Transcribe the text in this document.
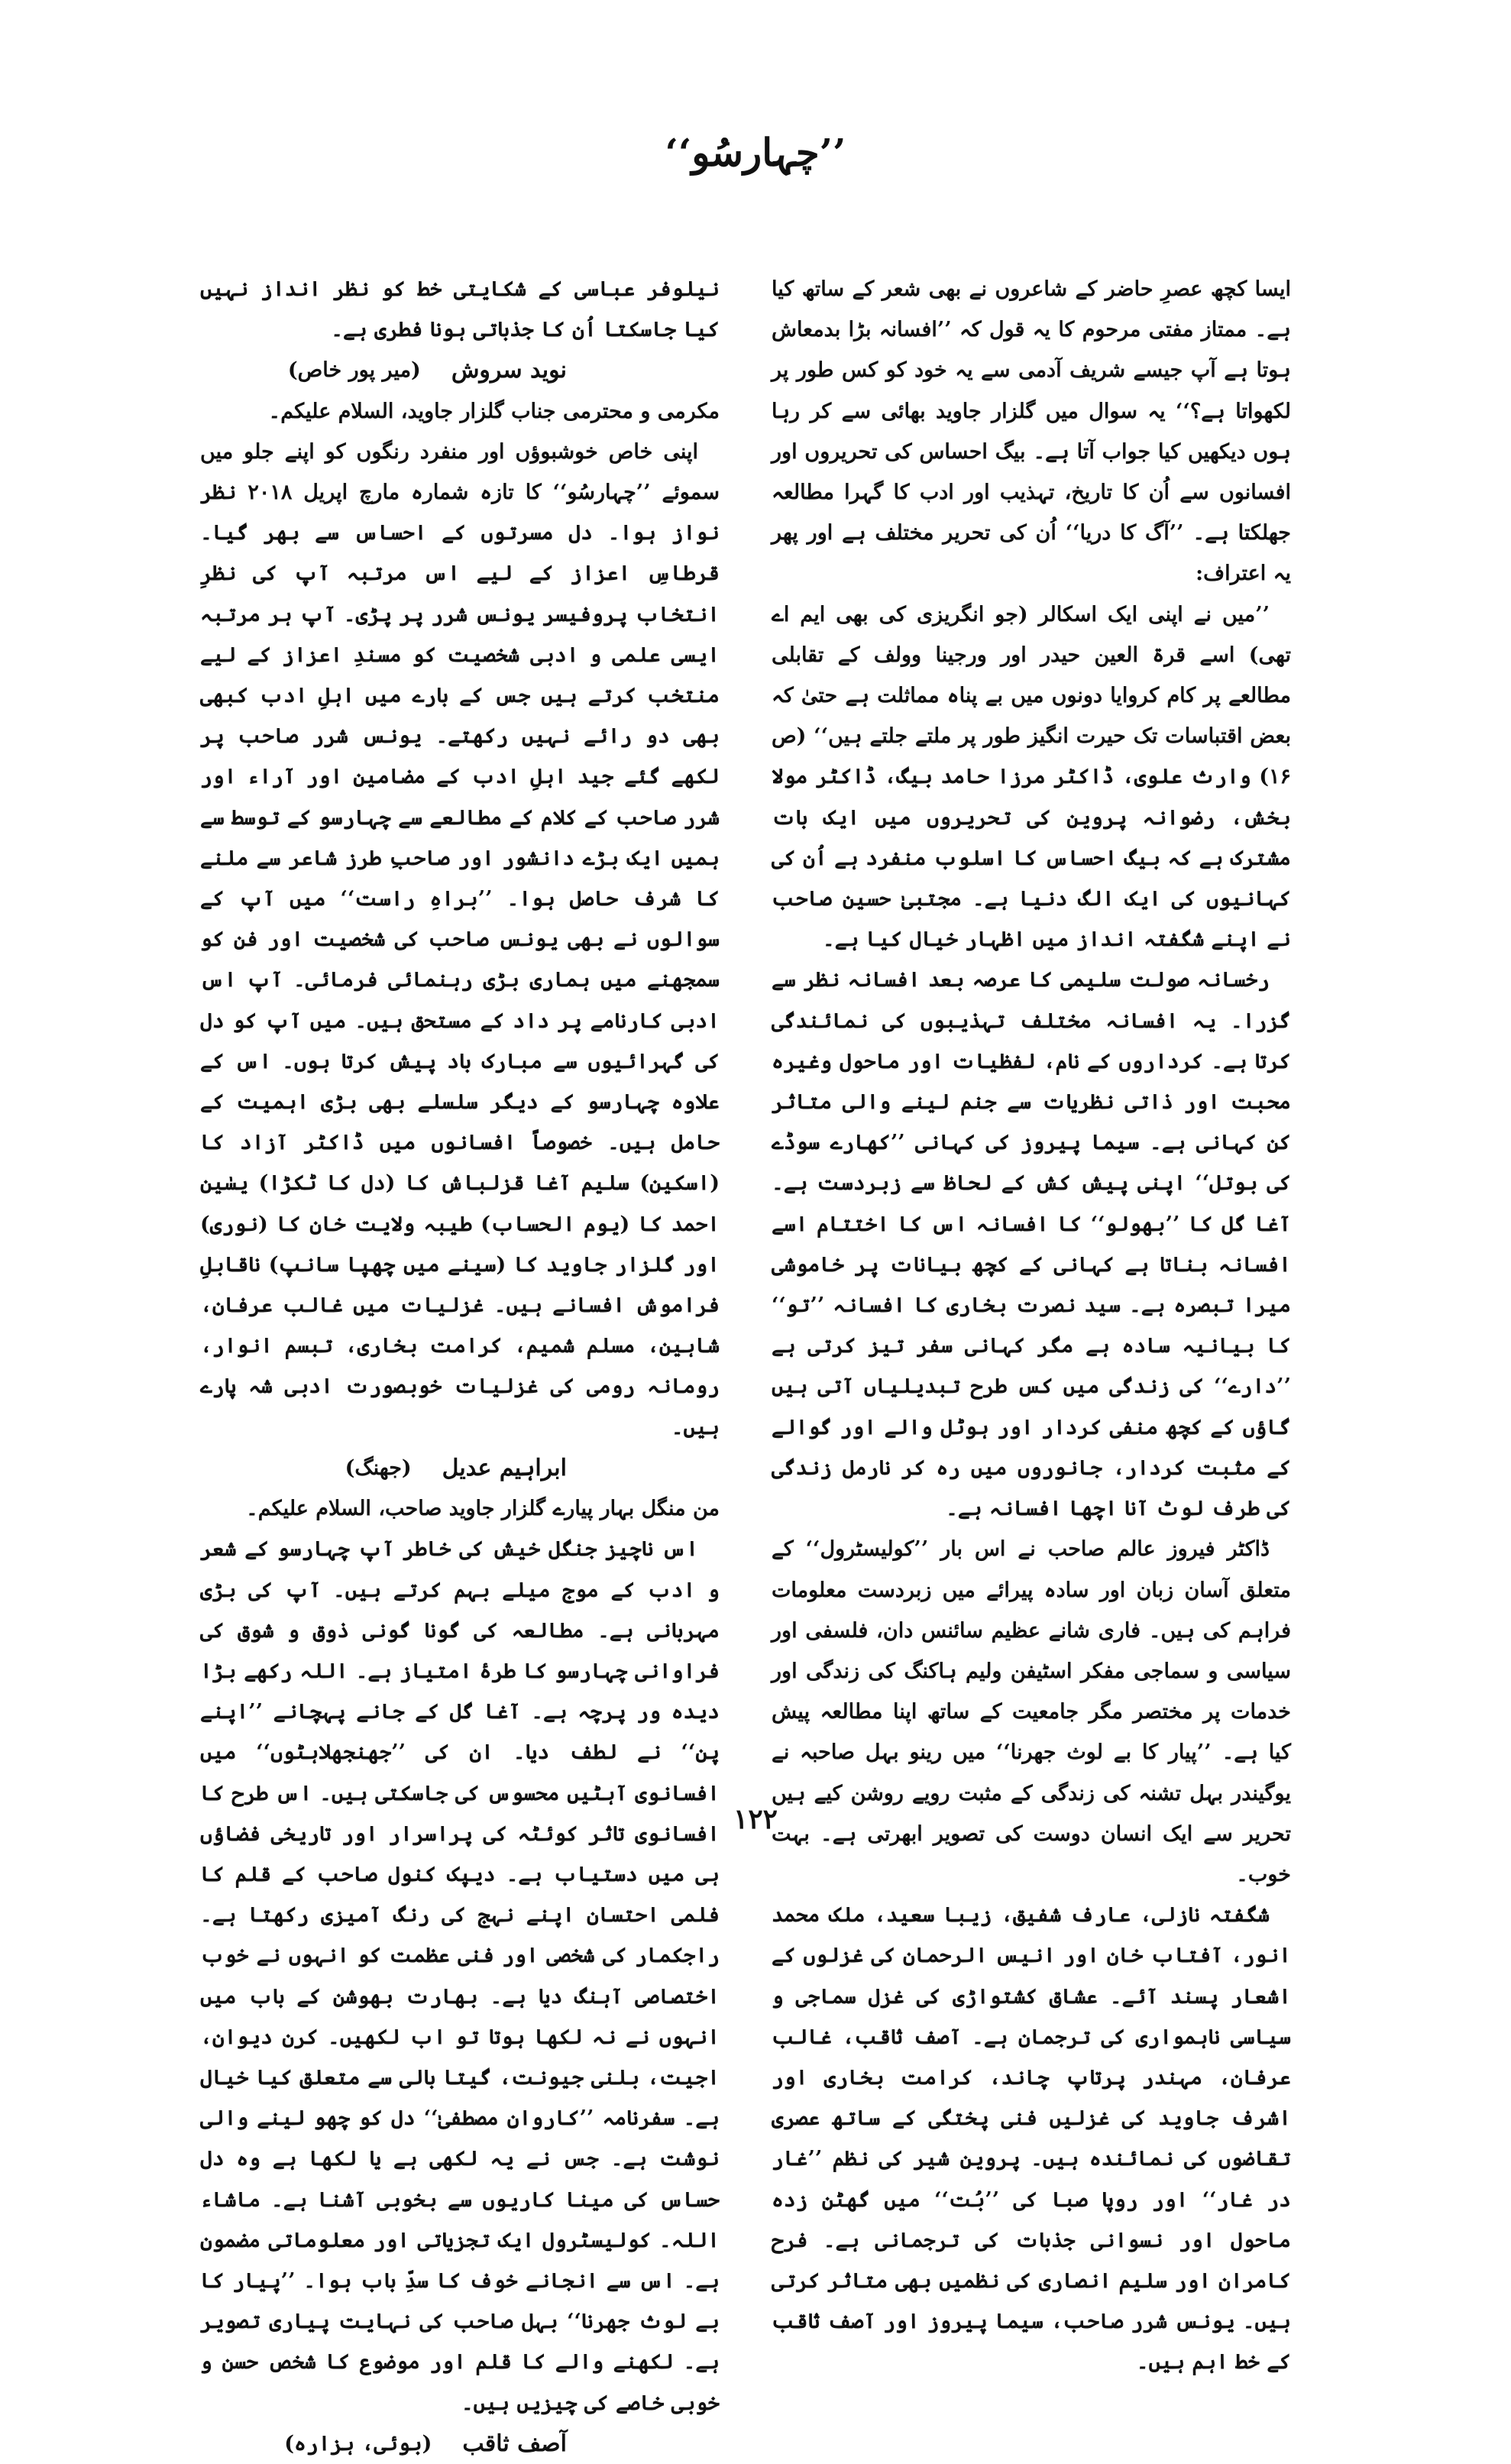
’’چہارسُو‘‘

ایسا کچھ عصرِ حاضر کے شاعروں نے بھی شعر کے ساتھ کیا ہے۔ ممتاز مفتی مرحوم کا یہ قول کہ ’’افسانہ بڑا بدمعاش ہوتا ہے آپ جیسے شریف آدمی سے یہ خود کو کس طور پر لکھواتا ہے؟‘‘ یہ سوال میں گلزار جاوید بھائی سے کر رہا ہوں دیکھیں کیا جواب آتا ہے۔ بیگ احساس کی تحریروں اور افسانوں سے اُن کا تاریخ، تہذیب اور ادب کا گہرا مطالعہ جھلکتا ہے۔ ’’آگ کا دریا‘‘ اُن کی تحریر مختلف ہے اور پھر یہ اعتراف:

’’میں نے اپنی ایک اسکالر (جو انگریزی کی بھی ایم اے تھی) اسے قرۃ العین حیدر اور ورجینا وولف کے تقابلی مطالعے پر کام کروایا دونوں میں بے پناہ مماثلت ہے حتیٰ کہ بعض اقتباسات تک حیرت انگیز طور پر ملتے جلتے ہیں‘‘ (ص ۱۶) وارث علوی، ڈاکٹر مرزا حامد بیگ، ڈاکٹر مولا بخش، رضوانہ پروین کی تحریروں میں ایک بات مشترک ہے کہ بیگ احساس کا اسلوب منفرد ہے اُن کی کہانیوں کی ایک الگ دنیا ہے۔ مجتبیٰ حسین صاحب نے اپنے شگفتہ انداز میں اظہار خیال کیا ہے۔

رخسانہ صولت سلیمی کا عرصہ بعد افسانہ نظر سے گزرا۔ یہ افسانہ مختلف تہذیبوں کی نمائندگی کرتا ہے۔ کرداروں کے نام، لفظیات اور ماحول وغیرہ محبت اور ذاتی نظریات سے جنم لینے والی متاثر کن کہانی ہے۔ سیما پیروز کی کہانی ’’کھارے سوڈے کی بوتل‘‘ اپنی پیش کش کے لحاظ سے زبردست ہے۔ آغا گل کا ’’بھولو‘‘ کا افسانہ اس کا اختتام اسے افسانہ بناتا ہے کہانی کے کچھ بیانات پر خاموشی میرا تبصرہ ہے۔ سید نصرت بخاری کا افسانہ ’’تو‘‘ کا بیانیہ سادہ ہے مگر کہانی سفر تیز کرتی ہے ’’دارے‘‘ کی زندگی میں کس طرح تبدیلیاں آتی ہیں گاؤں کے کچھ منفی کردار اور ہوٹل والے اور گوالے کے مثبت کردار، جانوروں میں رہ کر نارمل زندگی کی طرف لوٹ آنا اچھا افسانہ ہے۔

ڈاکٹر فیروز عالم صاحب نے اس بار ’’کولیسٹرول‘‘ کے متعلق آسان زبان اور سادہ پیرائے میں زبردست معلومات فراہم کی ہیں۔ فاری شانے عظیم سائنس دان، فلسفی اور سیاسی و سماجی مفکر اسٹیفن ولیم ہاکنگ کی زندگی اور خدمات پر مختصر مگر جامعیت کے ساتھ اپنا مطالعہ پیش کیا ہے۔ ’’پیار کا بے لوث جھرنا‘‘ میں رینو بہل صاحبہ نے یوگیندر بہل تشنہ کی زندگی کے مثبت رویے روشن کیے ہیں تحریر سے ایک انسان دوست کی تصویر ابھرتی ہے۔ بہت خوب۔

شگفتہ نازلی، عارف شفیق، زیبا سعید، ملک محمد انور، آفتاب خان اور انیس الرحمان کی غزلوں کے اشعار پسند آئے۔ عشاق کشتواڑی کی غزل سماجی و سیاسی ناہمواری کی ترجمان ہے۔ آصف ثاقب، غالب عرفان، مہندر پرتاپ چاند، کرامت بخاری اور اشرف جاوید کی غزلیں فنی پختگی کے ساتھ عصری تقاضوں کی نمائندہ ہیں۔ پروین شیر کی نظم ’’غار در غار‘‘ اور روپا صبا کی ’’بُت‘‘ میں گھٹن زدہ ماحول اور نسوانی جذبات کی ترجمانی ہے۔ فرح کامران اور سلیم انصاری کی نظمیں بھی متاثر کرتی ہیں۔ یونس شرر صاحب، سیما پیروز اور آصف ثاقب کے خط اہم ہیں۔

نیلوفر عباسی کے شکایتی خط کو نظر انداز نہیں کیا جاسکتا اُن کا جذباتی ہونا فطری ہے۔

نوید سروش
(میر پور خاص)

مکرمی و محترمی جناب گلزار جاوید، السلام علیکم۔

اپنی خاص خوشبوؤں اور منفرد رنگوں کو اپنے جلو میں سموئے ’’چہارسُو‘‘ کا تازہ شمارہ مارچ اپریل ۲۰۱۸ نظر نواز ہوا۔ دل مسرتوں کے احساس سے بھر گیا۔ قرطاسِ اعزاز کے لیے اس مرتبہ آپ کی نظرِ انتخاب پروفیسر یونس شرر پر پڑی۔ آپ ہر مرتبہ ایسی علمی و ادبی شخصیت کو مسندِ اعزاز کے لیے منتخب کرتے ہیں جس کے بارے میں اہلِ ادب کبھی بھی دو رائے نہیں رکھتے۔ یونس شرر صاحب پر لکھے گئے جید اہلِ ادب کے مضامین اور آراء اور شرر صاحب کے کلام کے مطالعے سے چہارسو کے توسط سے ہمیں ایک بڑے دانشور اور صاحبِ طرز شاعر سے ملنے کا شرف حاصل ہوا۔ ’’براہِ راست‘‘ میں آپ کے سوالوں نے بھی یونس صاحب کی شخصیت اور فن کو سمجھنے میں ہماری بڑی رہنمائی فرمائی۔ آپ اس ادبی کارنامے پر داد کے مستحق ہیں۔ میں آپ کو دل کی گہرائیوں سے مبارک باد پیش کرتا ہوں۔ اس کے علاوہ چہارسو کے دیگر سلسلے بھی بڑی اہمیت کے حامل ہیں۔ خصوصاً افسانوں میں ڈاکٹر آزاد کا (اسکین) سلیم آغا قزلباش کا (دل کا ٹکڑا) یسٰین احمد کا (یوم الحساب) طیبہ ولایت خان کا (نوری) اور گلزار جاوید کا (سینے میں چھپا سانپ) ناقابلِ فراموش افسانے ہیں۔ غزلیات میں غالب عرفان، شاہین، مسلم شمیم، کرامت بخاری، تبسم انوار، رومانہ رومی کی غزلیات خوبصورت ادبی شہ پارے ہیں۔

ابراہیم عدیل
(جھنگ)

من منگل بہار پیارے گلزار جاوید صاحب، السلام علیکم۔

اس ناچیز جنگل خیش کی خاطر آپ چہارسو کے شعر و ادب کے موج میلے بہم کرتے ہیں۔ آپ کی بڑی مہربانی ہے۔ مطالعہ کی گونا گونی ذوق و شوق کی فراوانی چہارسو کا طرۂ امتیاز ہے۔ اللہ رکھے بڑا دیدہ ور پرچہ ہے۔ آغا گل کے جانے پہچانے ’’اپنے پن‘‘ نے لطف دیا۔ ان کی ’’جھنجھلاہٹوں‘‘ میں افسانوی آہٹیں محسوس کی جاسکتی ہیں۔ اس طرح کا افسانوی تاثر کوئٹہ کی پراسرار اور تاریخی فضاؤں ہی میں دستیاب ہے۔ دیپک کنول صاحب کے قلم کا فلمی احتسان اپنے نہج کی رنگ آمیزی رکھتا ہے۔ راجکمار کی شخصی اور فنی عظمت کو انہوں نے خوب اختصاصی آہنگ دیا ہے۔ بھارت بھوشن کے باب میں انہوں نے نہ لکھا ہوتا تو اب لکھیں۔ کرن دیوان، اجیت، بلنی جیونت، گیتا بالی سے متعلق کیا خیال ہے۔ سفرنامہ ’’کاروانِ مصطفیٰ‘‘ دل کو چھو لینے والی نوشت ہے۔ جس نے یہ لکھی ہے یا لکھا ہے وہ دل حساس کی مینا کاریوں سے بخوبی آشنا ہے۔ ماشاء اللہ۔ کولیسٹرول ایک تجزیاتی اور معلوماتی مضمون ہے۔ اس سے انجانے خوف کا سدِّ باب ہوا۔ ’’پیار کا بے لوث جھرنا‘‘ بہل صاحب کی نہایت پیاری تصویر ہے۔ لکھنے والے کا قلم اور موضوع کا شخص حسن و خوبی خاصے کی چیزیں ہیں۔

آصف ثاقب
(بوئی، ہزارہ)
۱۲۲
